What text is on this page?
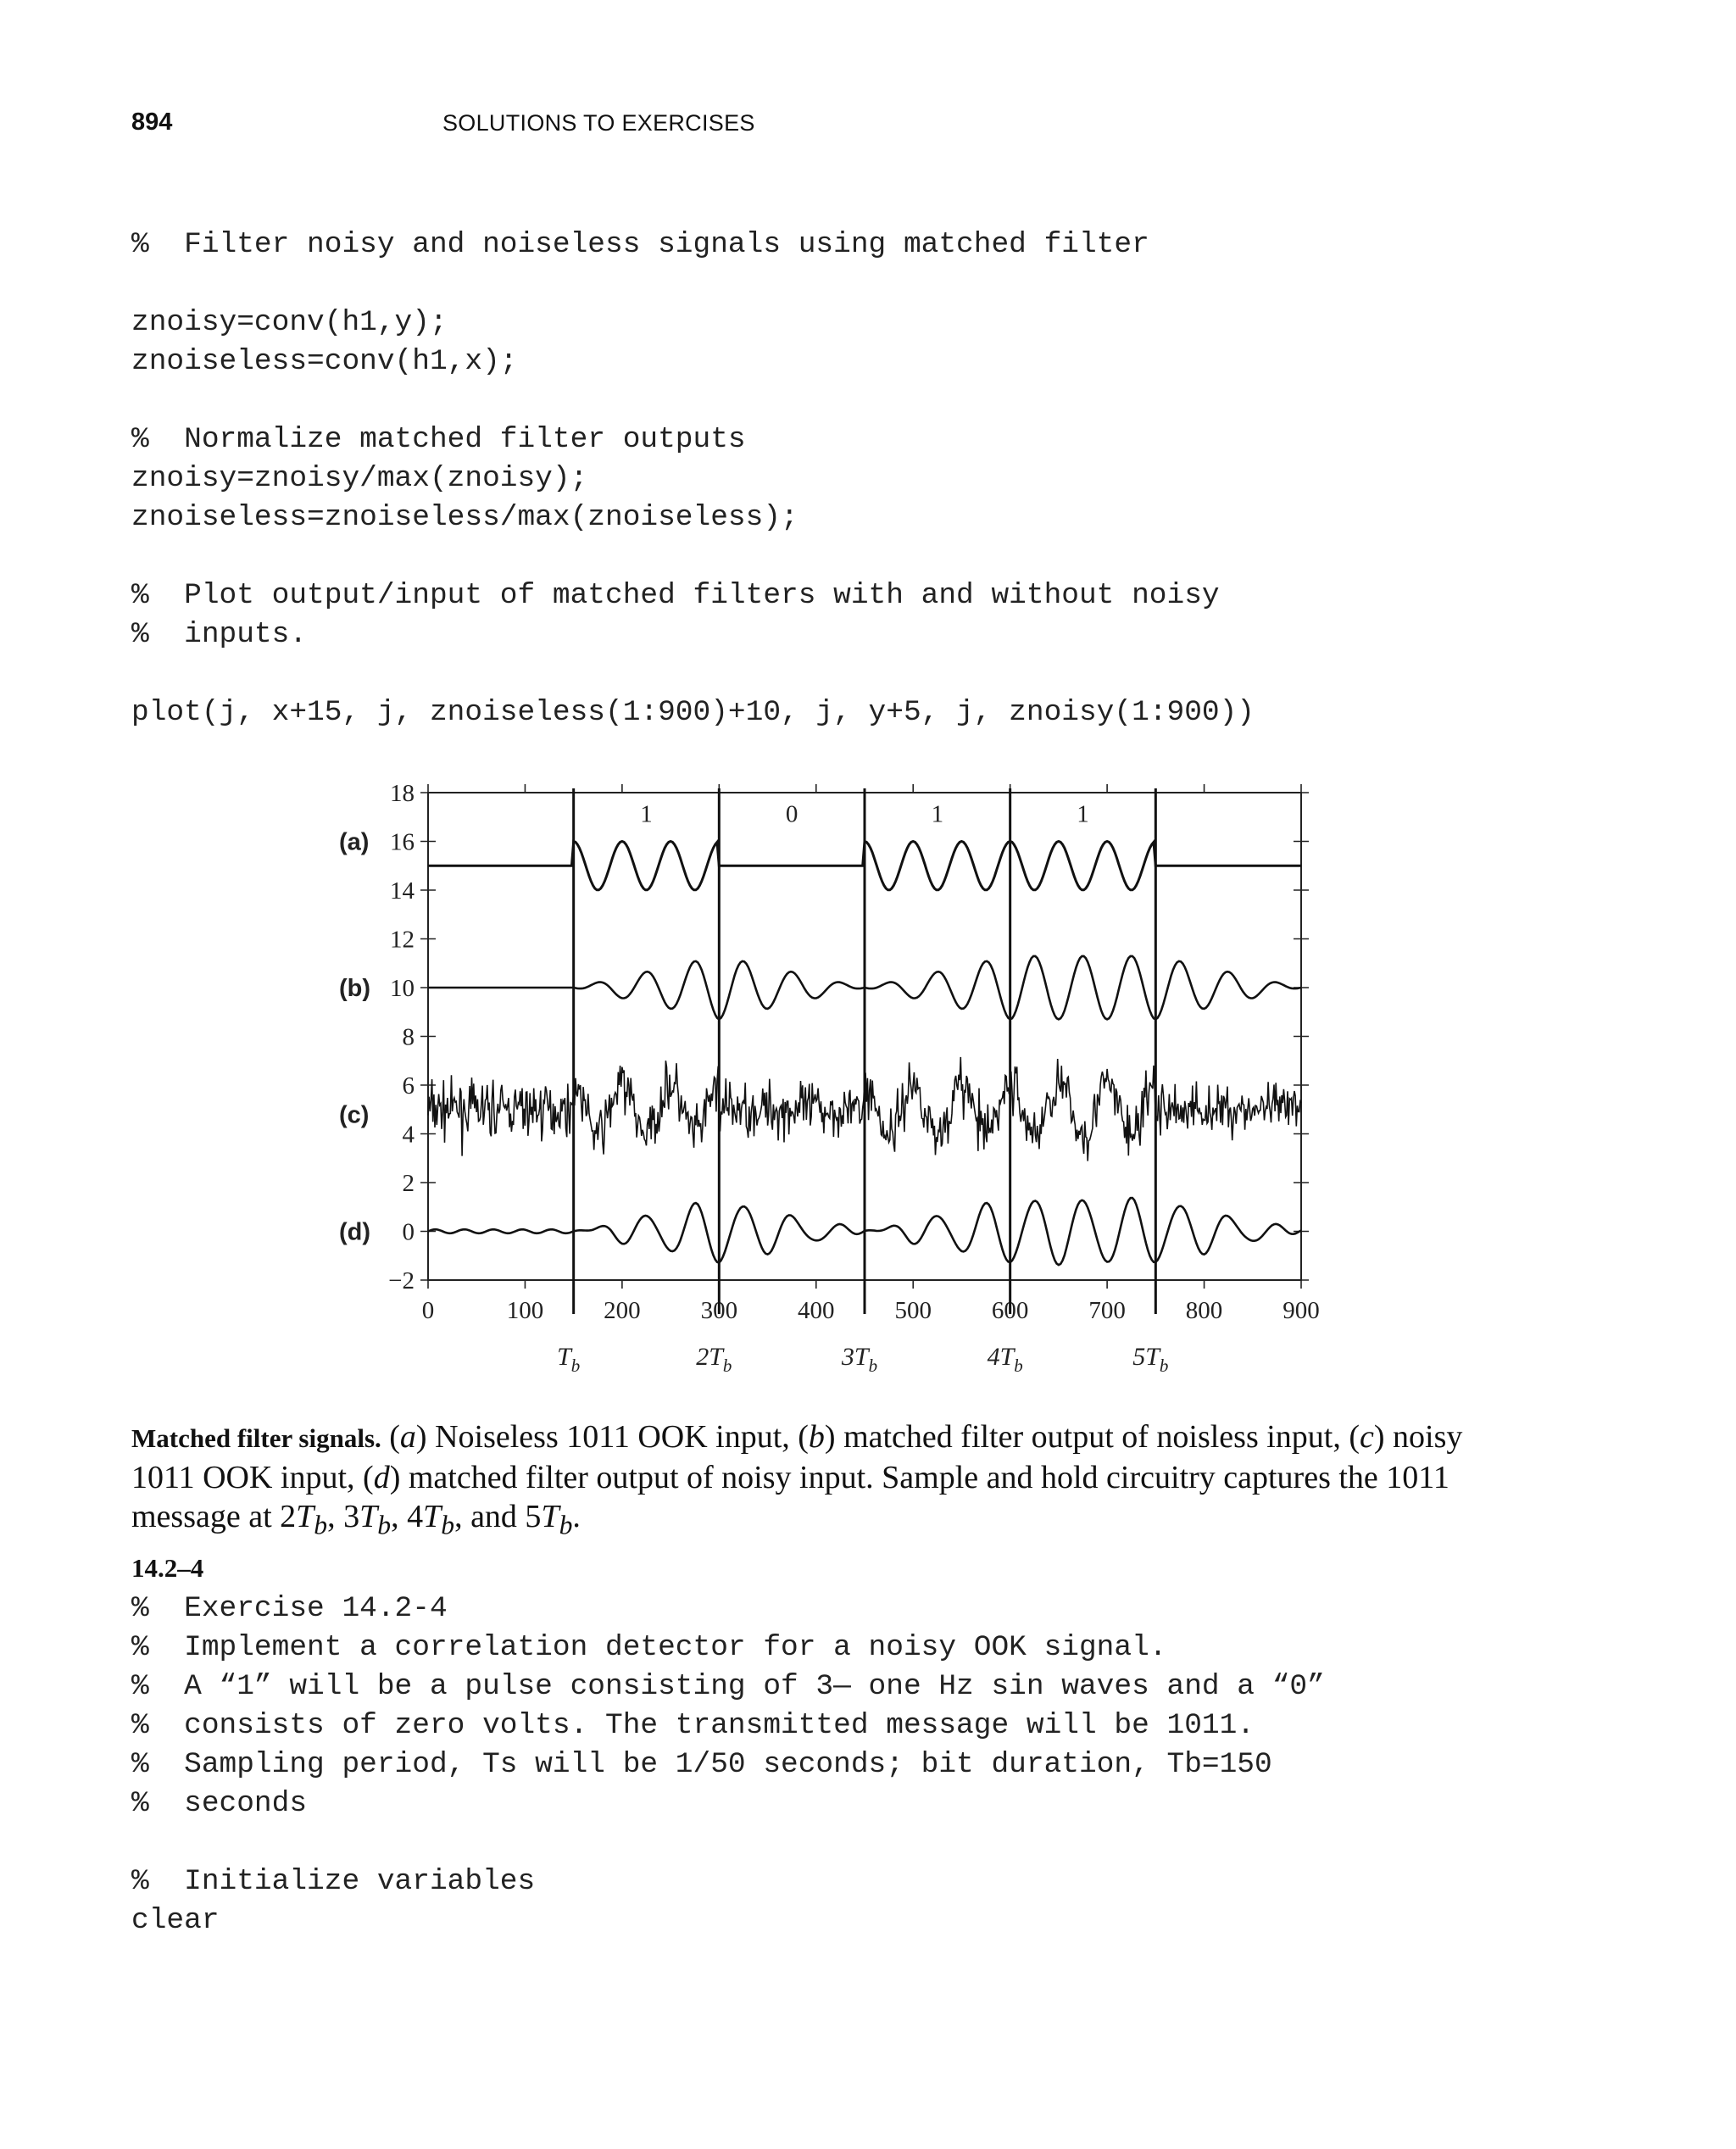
894	SOLUTIONS TO EXERCISES
%  Filter noisy and noiseless signals using matched filter

znoisy=conv(h1,y);
znoiseless=conv(h1,x);

%  Normalize matched filter outputs
znoisy=znoisy/max(znoisy);
znoiseless=znoiseless/max(znoiseless);

%  Plot output/input of matched filters with and without noisy
%  inputs.

plot(j, x+15, j, znoiseless(1:900)+10, j, y+5, j, znoisy(1:900))
0	100 200 300 400 500 600 700 800 900
18
16
14
12
10
8
6
4
2
0
−2
1	0	1	1
$T_b$	$2T_b$	$3T_b$	$4T_b$	$5T_b$
(a)
(b)
(c)
(d)
Matched filter signals. (a) Noiseless 1011 OOK input, (b) matched filter output of noisless input, (c) noisy 1011 OOK input, (d) matched filter output of noisy input. Sample and hold circuitry captures the 1011 message at $2T_b$, $3T_b$, $4T_b$, and $5T_b$.
14.2–4
%  Exercise 14.2-4
%  Implement a correlation detector for a noisy OOK signal.
%  A “1” will be a pulse consisting of 3— one Hz sin waves and a “0”
%  consists of zero volts. The transmitted message will be 1011.
%  Sampling period, Ts will be 1/50 seconds; bit duration, Tb=150
%  seconds

%  Initialize variables
clear
